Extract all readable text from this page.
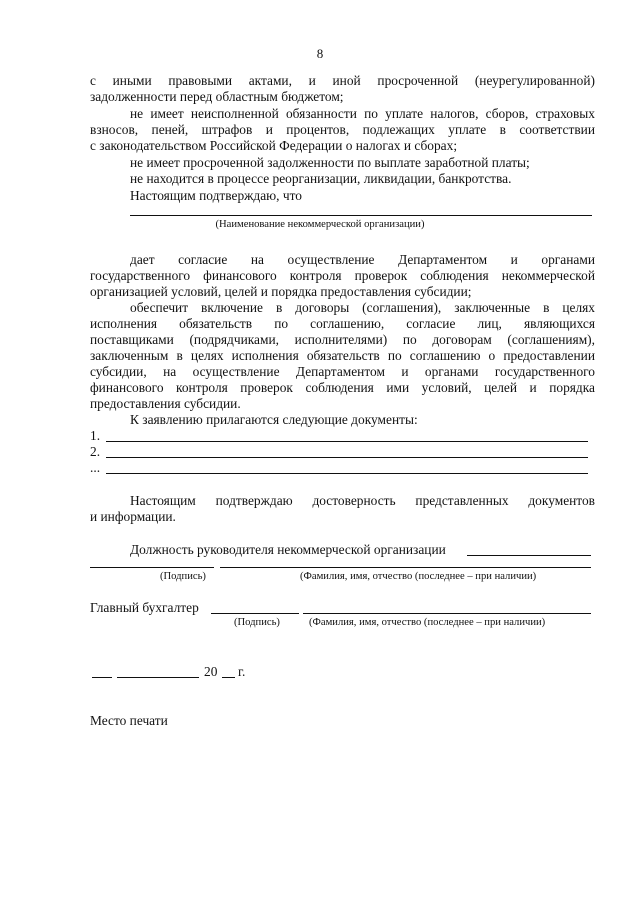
8
с иными правовыми актами, и иной просроченной (неурегулированной)
задолженности перед областным бюджетом;
не имеет неисполненной обязанности по уплате налогов, сборов, страховых
взносов, пеней, штрафов и процентов, подлежащих уплате в соответствии
с законодательством Российской Федерации о налогах и сборах;
не имеет просроченной задолженности по выплате заработной платы;
не находится в процессе реорганизации, ликвидации, банкротства.
Настоящим подтверждаю, что
(Наименование некоммерческой организации)
дает согласие на осуществление Департаментом и органами
государственного финансового контроля проверок соблюдения некоммерческой
организацией условий, целей и порядка предоставления субсидии;
обеспечит включение в договоры (соглашения), заключенные в целях
исполнения обязательств по соглашению, согласие лиц, являющихся
поставщиками (подрядчиками, исполнителями) по договорам (соглашениям),
заключенным в целях исполнения обязательств по соглашению о предоставлении
субсидии, на осуществление Департаментом и органами государственного
финансового контроля проверок соблюдения ими условий, целей и порядка
предоставления субсидии.
К заявлению прилагаются следующие документы:
1.
2.
...
Настоящим подтверждаю достоверность представленных документов
и информации.
Должность руководителя некоммерческой организации
(Подпись)	(Фамилия, имя, отчество (последнее – при наличии)
Главный бухгалтер
(Подпись)	(Фамилия, имя, отчество (последнее – при наличии)
20 г.
Место печати
